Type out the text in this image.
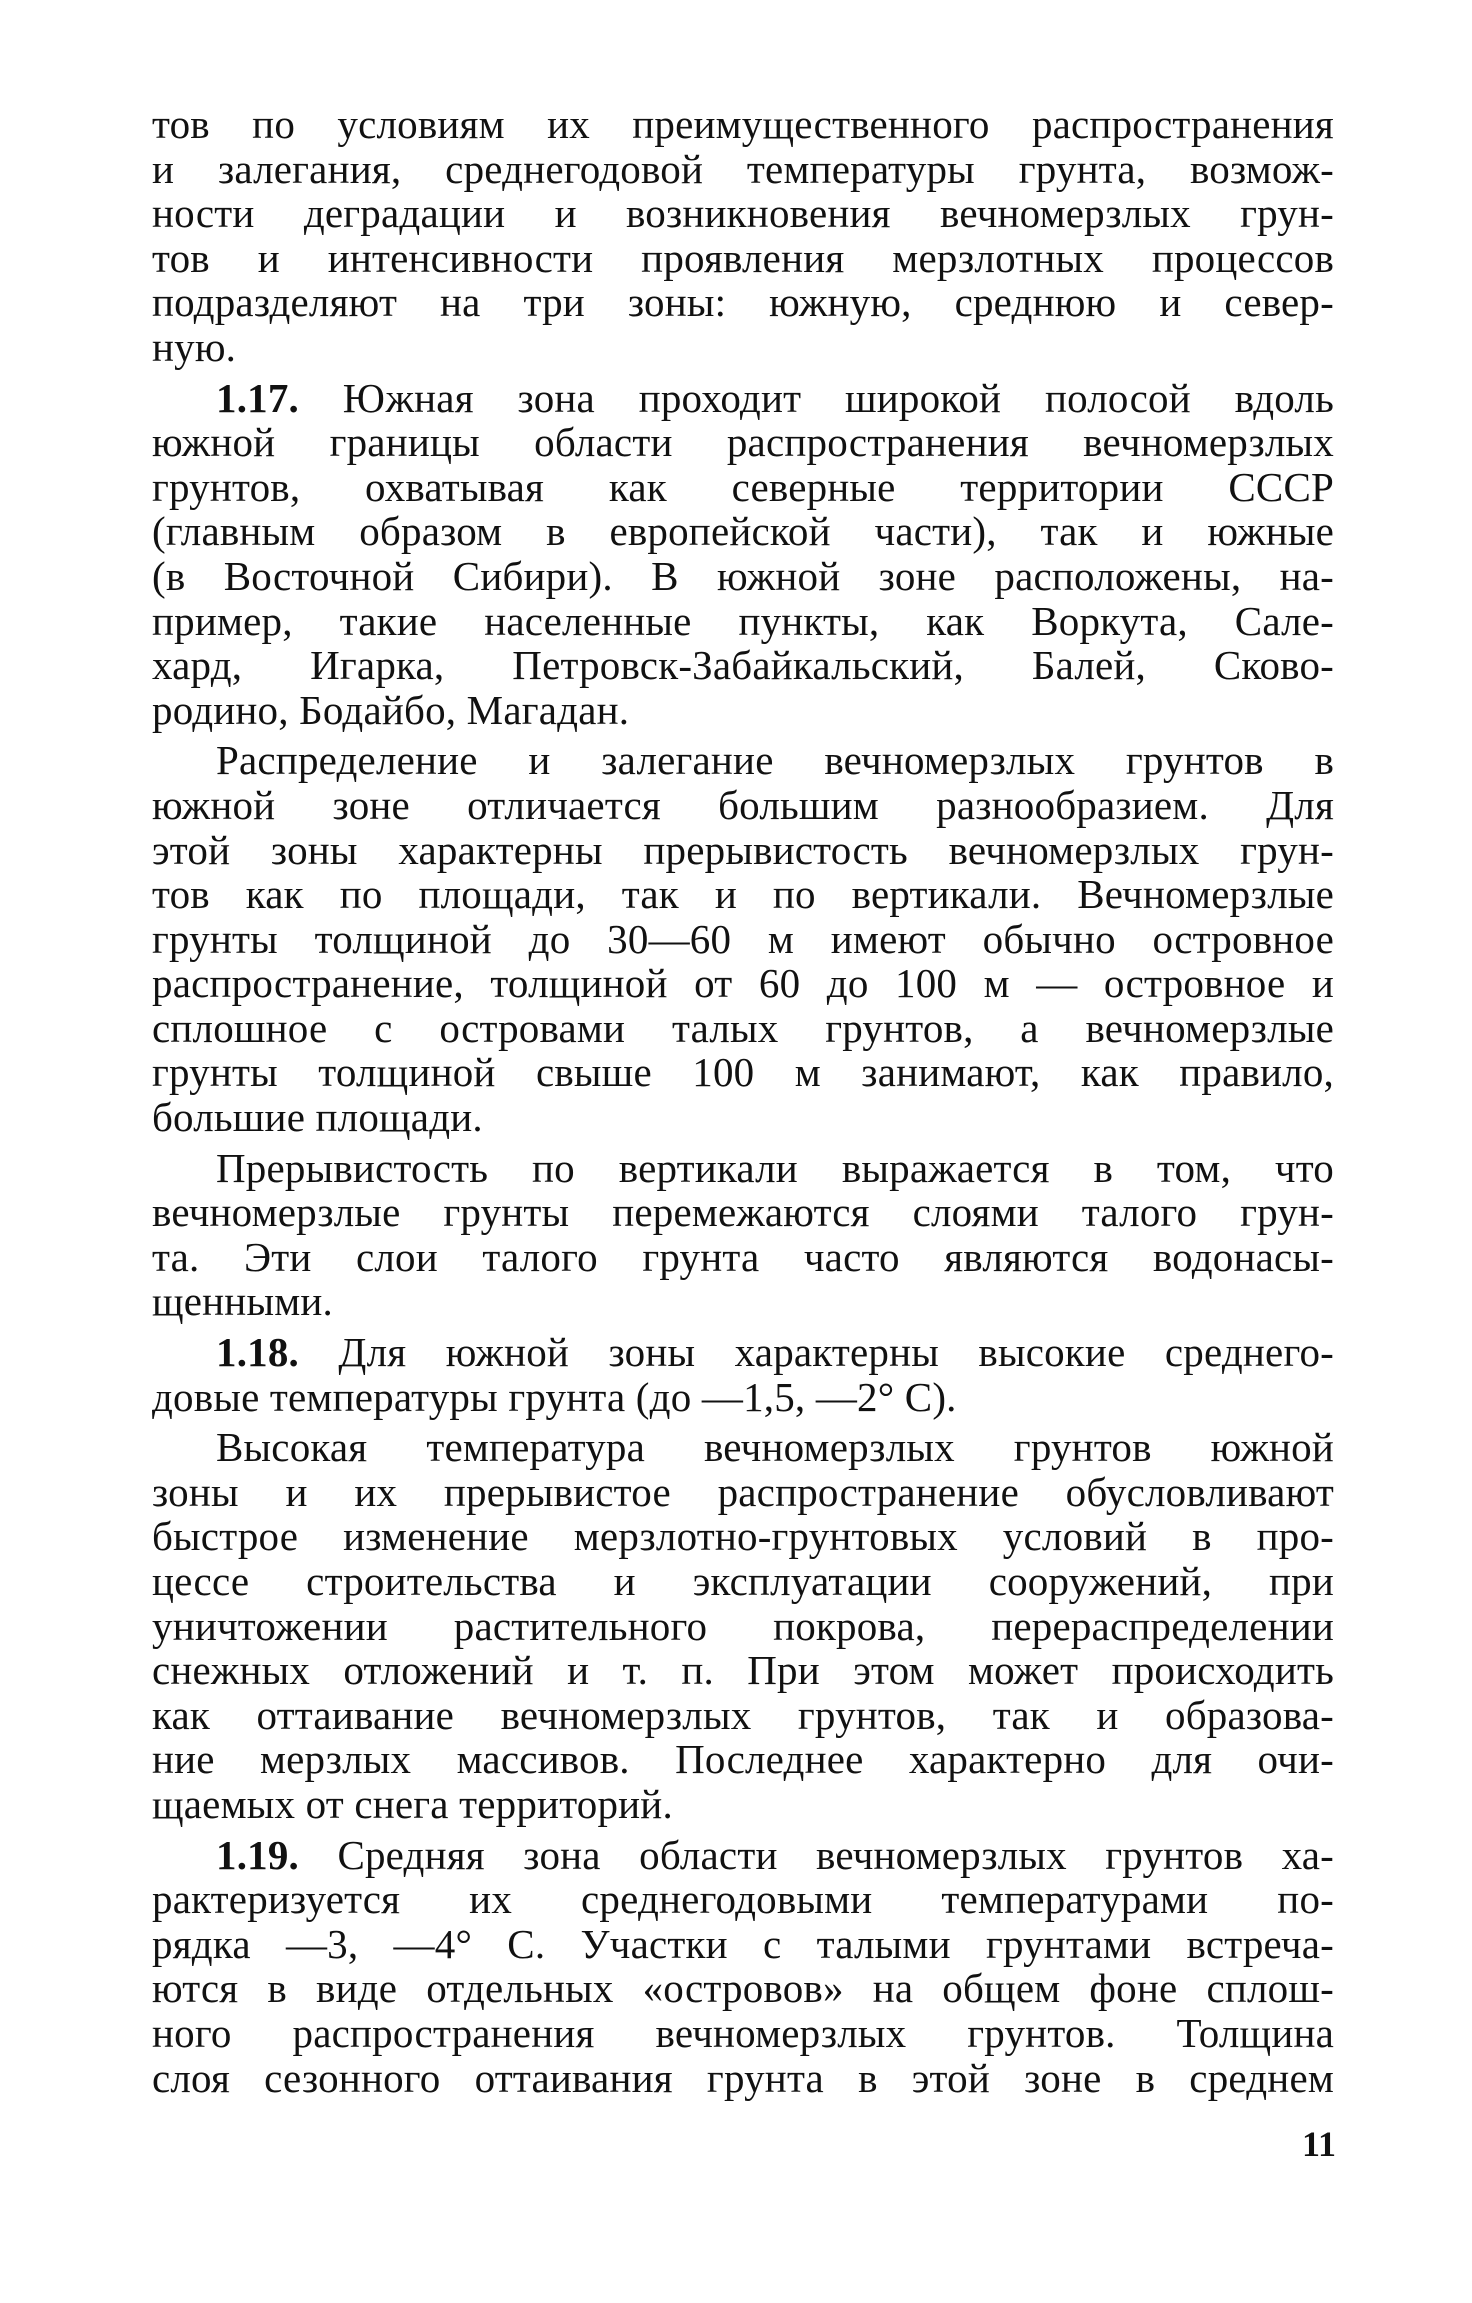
тов по условиям их преимущественного распространения
и залегания, среднегодовой температуры грунта, возмож-
ности деградации и возникновения вечномерзлых грун-
тов и интенсивности проявления мерзлотных процессов
подразделяют на три зоны: южную, среднюю и север-
ную.
1.17. Южная зона проходит широкой полосой вдоль
южной границы области распространения вечномерзлых
грунтов, охватывая как северные территории СССР
(главным образом в европейской части), так и южные
(в Восточной Сибири). В южной зоне расположены, на-
пример, такие населенные пункты, как Воркута, Сале-
хард, Игарка, Петровск-Забайкальский, Балей, Сково-
родино, Бодайбо, Магадан.
Распределение и залегание вечномерзлых грунтов в
южной зоне отличается большим разнообразием. Для
этой зоны характерны прерывистость вечномерзлых грун-
тов как по площади, так и по вертикали. Вечномерзлые
грунты толщиной до 30—60 м имеют обычно островное
распространение, толщиной от 60 до 100 м — островное и
сплошное с островами талых грунтов, а вечномерзлые
грунты толщиной свыше 100 м занимают, как правило,
большие площади.
Прерывистость по вертикали выражается в том, что
вечномерзлые грунты перемежаются слоями талого грун-
та. Эти слои талого грунта часто являются водонасы-
щенными.
1.18. Для южной зоны характерны высокие среднего-
довые температуры грунта (до —1,5, —2° С).
Высокая температура вечномерзлых грунтов южной
зоны и их прерывистое распространение обусловливают
быстрое изменение мерзлотно-грунтовых условий в про-
цессе строительства и эксплуатации сооружений, при
уничтожении растительного покрова, перераспределении
снежных отложений и т. п. При этом может происходить
как оттаивание вечномерзлых грунтов, так и образова-
ние мерзлых массивов. Последнее характерно для очи-
щаемых от снега территорий.
1.19. Средняя зона области вечномерзлых грунтов ха-
рактеризуется их среднегодовыми температурами по-
рядка —3, —4° С. Участки с талыми грунтами встреча-
ются в виде отдельных «островов» на общем фоне сплош-
ного распространения вечномерзлых грунтов. Толщина
слоя сезонного оттаивания грунта в этой зоне в среднем
11
